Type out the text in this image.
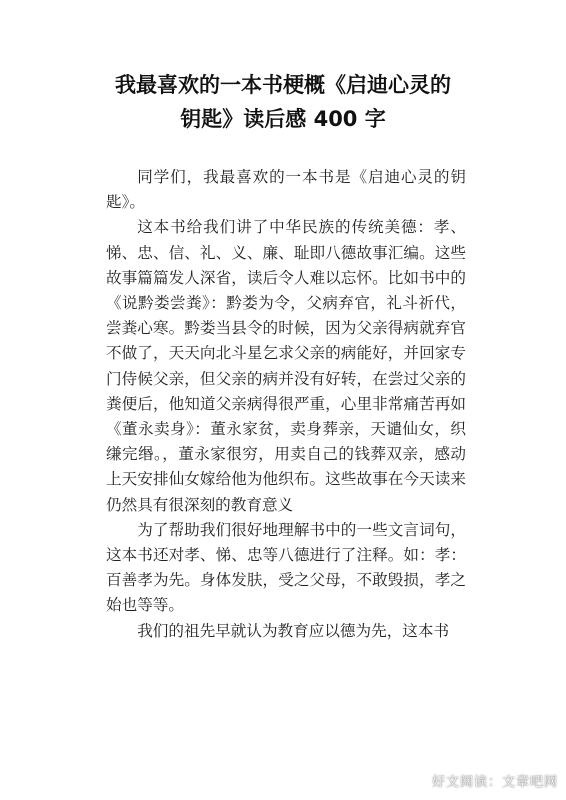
我最喜欢的一本书梗概《启迪心灵的
钥匙》读后感 400 字

同学们，我最喜欢的一本书是《启迪心灵的钥匙》。

这本书给我们讲了中华民族的传统美德：孝、悌、忠、信、礼、义、廉、耻即八德故事汇编。这些故事篇篇发人深省，读后令人难以忘怀。比如书中的《说黔娄尝粪》：黔娄为令，父病弃官，礼斗祈代，尝粪心寒。黔娄当县令的时候，因为父亲得病就弃官不做了，天天向北斗星乞求父亲的病能好，并回家专门侍候父亲，但父亲的病并没有好转，在尝过父亲的粪便后，他知道父亲病得很严重，心里非常痛苦再如《董永卖身》：董永家贫，卖身葬亲，天谴仙女，织缣完缗。，董永家很穷，用卖自己的钱葬双亲，感动上天安排仙女嫁给他为他织布。这些故事在今天读来仍然具有很深刻的教育意义

为了帮助我们很好地理解书中的一些文言词句，这本书还对孝、悌、忠等八德进行了注释。如：孝：百善孝为先。身体发肤，受之父母，不敢毁损，孝之始也等等。

我们的祖先早就认为教育应以德为先，这本书

好文阅读：文章吧网
